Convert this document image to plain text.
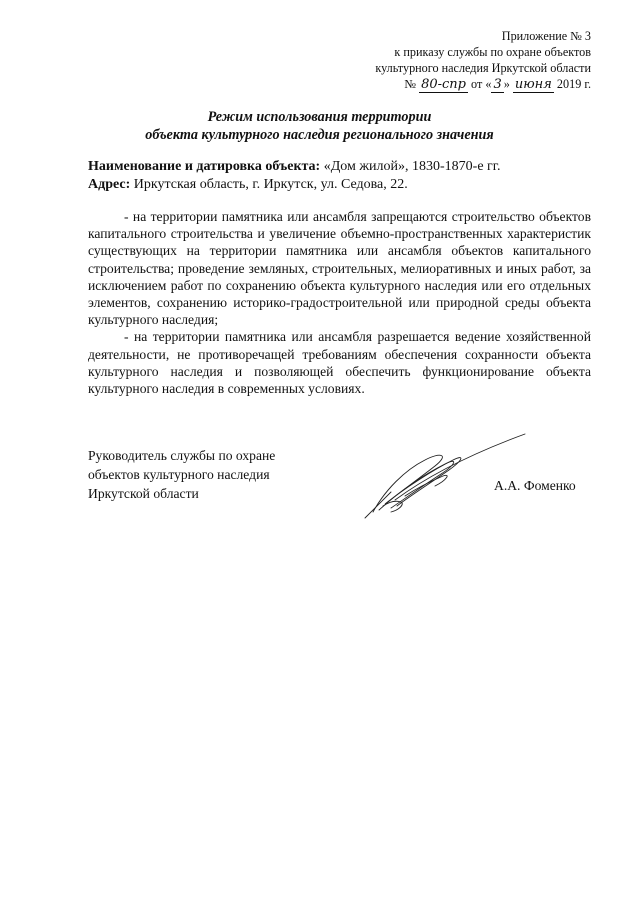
Приложение № 3
к приказу службы по охране объектов
культурного наследия Иркутской области
№ 80-спр от « 3 » июня 2019 г.
Режим использования территории
объекта культурного наследия регионального значения
Наименование и датировка объекта: «Дом жилой», 1830-1870-е гг.
Адрес: Иркутская область, г. Иркутск, ул. Седова, 22.

- на территории памятника или ансамбля запрещаются строительство объектов капитального строительства и увеличение объемно-пространственных характеристик существующих на территории памятника или ансамбля объектов капитального строительства; проведение земляных, строительных, мелиоративных и иных работ, за исключением работ по сохранению объекта культурного наследия или его отдельных элементов, сохранению историко-градостроительной или природной среды объекта культурного наследия;

- на территории памятника или ансамбля разрешается ведение хозяйственной деятельности, не противоречащей требованиям обеспечения сохранности объекта культурного наследия и позволяющей обеспечить функционирование объекта культурного наследия в современных условиях.

Руководитель службы по охране
объектов культурного наследия
Иркутской области
А.А. Фоменко
